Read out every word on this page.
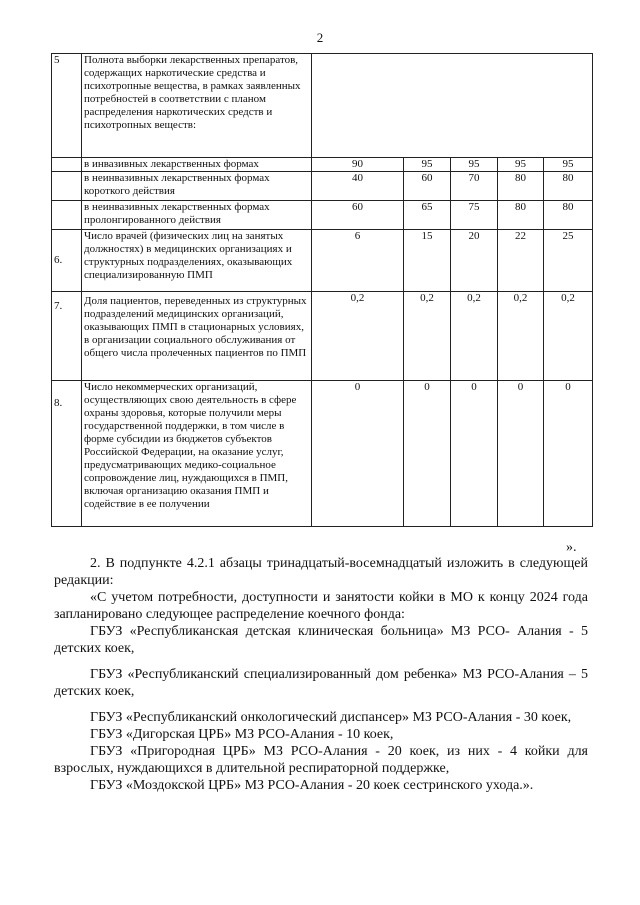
2
5	Полнота выборки лекарственных препаратов, содержащих наркотические средства и психотропные вещества, в рамках заявленных потребностей в соответствии с планом распределения наркотических средств и психотропных веществ:					
	в инвазивных лекарственных формах	90	95	95	95	95
	в неинвазивных лекарственных формах короткого действия	40	60	70	80	80
	в неинвазивных лекарственных формах пролонгированного действия	60	65	75	80	80
6.	Число врачей (физических лиц на занятых должностях) в медицинских организациях и структурных подразделениях, оказывающих специализированную ПМП	6	15	20	22	25
7.	Доля пациентов, переведенных из структурных подразделений медицинских организаций, оказывающих ПМП в стационарных условиях, в организации социального обслуживания от общего числа пролеченных пациентов по ПМП	0,2	0,2	0,2	0,2	0,2
8.	Число некоммерческих организаций, осуществляющих свою деятельность в сфере охраны здоровья, которые получили меры государственной поддержки, в том числе в форме субсидии из бюджетов субъектов Российской Федерации, на оказание услуг, предусматривающих медико-социальное сопровождение лиц, нуждающихся в ПМП, включая организацию оказания ПМП и содействие в ее получении	0	0	0	0	0
».

2. В подпункте 4.2.1 абзацы тринадцатый-восемнадцатый изложить в следующей редакции:

«С учетом потребности, доступности и занятости койки в МО к концу 2024 года запланировано следующее распределение коечного фонда:

ГБУЗ «Республиканская детская клиническая больница» МЗ РСО- Алания - 5 детских коек,

ГБУЗ «Республиканский специализированный дом ребенка» МЗ РСО-Алания – 5 детских коек,

ГБУЗ «Республиканский онкологический диспансер» МЗ РСО-Алания - 30 коек,

ГБУЗ «Дигорская ЦРБ» МЗ РСО-Алания - 10 коек,

ГБУЗ «Пригородная ЦРБ» МЗ РСО-Алания - 20 коек, из них - 4 койки для взрослых, нуждающихся в длительной респираторной поддержке,

ГБУЗ «Моздокской ЦРБ» МЗ РСО-Алания - 20 коек сестринского ухода.».
